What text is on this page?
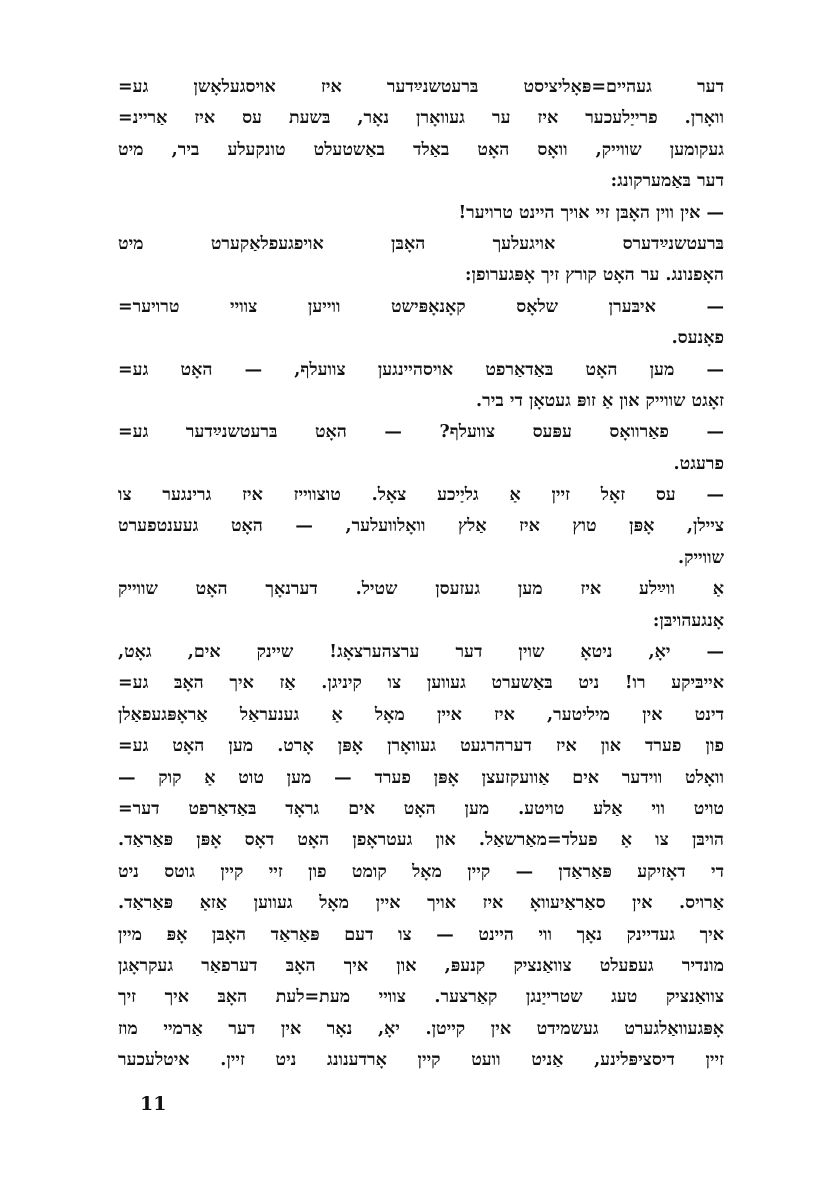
דער געהיים=פּאָליציסט בּרעטשנײַדער איז אויסגעלאָשן גע=
וואָרן. פרייַלעכער איז ער געוואָרן נאָר, בּשעת עס איז אַריינ=
געקומען שווייק, וואָס האָט באַלד באַשטעלט טונקעלע ביר, מיט
דער בּאַמערקונג:
— אין ווין האָבּן זיי אויך היינט טרויער!
בּרעטשנײַדערס אויגעלעך האָבּן אויפגעפלאַקערט מיט
האָפנונג. ער האָט קורץ זיך אָפּגערופן:
— איבּערן שלאָס קאָנאָפּישט ווייען צוויי טרויער=
פאָנעס.
— מען האָט בּאַדאַרפט אויסהיינגען צוועלף, — האָט גע=
זאָגט שווייק און אַ זופּ געטאָן די ביר.
— פאַרוואָס עפּעס צוועלף? — האָט בּרעטשנײַדער גע=
פרעגט.
— עס זאָל זיין אַ גליַיכע צאָל. טוצווייז איז גרינגער צו
ציילן, אָפּן טוץ איז אַלץ וואָלוועלער, — האָט געענטפערט
שווייק.
אַ ווײַלע איז מען געזעסן שטיל. דערנאָך האָט שווייק
אָנגעהויבּן:
— יאָ, ניטאָ שוין דער ערצהערצאָג! שיינק אים, גאָט,
אייבּיקע רו! ניט בּאַשערט געווען צו קיניגן. אַז איך האָבּ גע=
דינט אין מיליטער, איז איין מאָל אַ גענעראַל אַראָפּגעפאַלן
פון פערד און איז דערהרגעט געוואָרן אָפּן אָרט. מען האָט גע=
וואָלט ווידער אים אַוועקזעצן אָפּן פערד — מען טוט אַ קוק —
טויט ווי אַלע טויטע. מען האָט אים גראָד בּאַדאַרפט דער=
הויבּן צו אַ פעלד=מאַרשאַל. און געטראָפן האָט דאָס אָפּן פּאַראַד.
די דאָזיקע פּאַראַדן — קיין מאָל קומט פון זיי קיין גוטס ניט
אַרויס. אין סאַראַיעוואָ איז אויך איין מאָל געווען אַזאַ פּאַראַד.
איך געדיינק נאָך ווי היינט — צו דעם פּאַראַד האָבּן אָפּ מיין
מונדיר געפעלט צוואַנציק קנעפּ, און איך האָבּ דערפאַר געקראָגן
צוואַנציק טעג שטרייַנגן קאַרצער. צוויי מעת=לעת האָבּ איך זיך
אָפּגעוואַלגערט געשמידט אין קייטן. יאָ, נאָר אין דער אַרמיי מוז
זיין דיסציפּלינע, אַניט וועט קיין אָרדענונג ניט זיין. איטלעכער
11
